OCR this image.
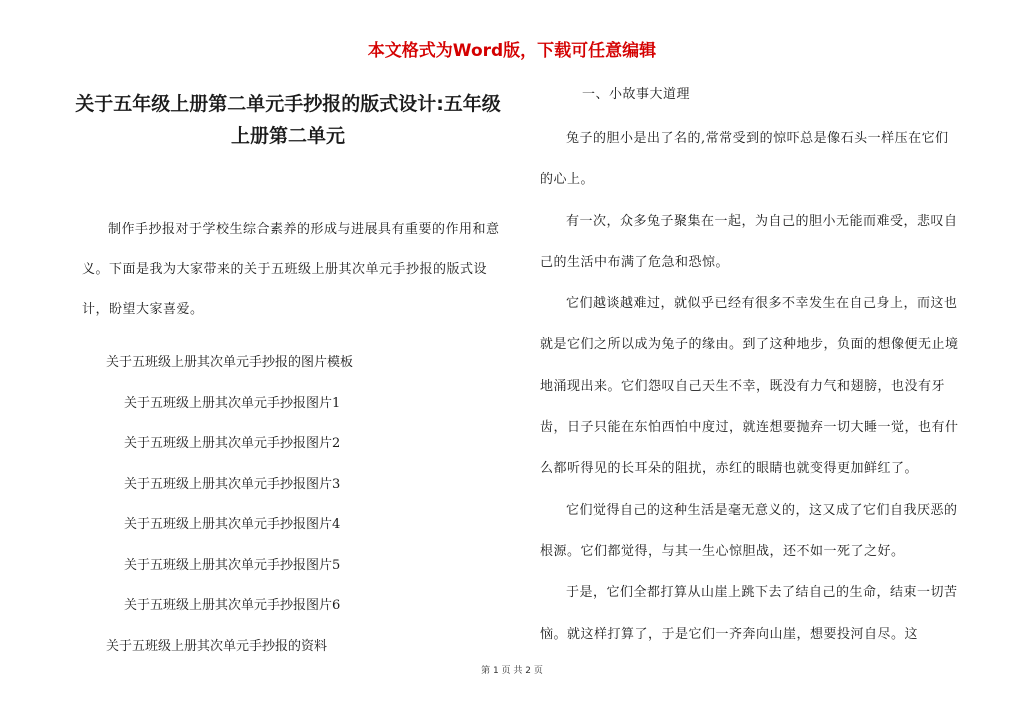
本文格式为Word版，下载可任意编辑
关于五年级上册第二单元手抄报的版式设计:五年级
上册第二单元

制作手抄报对于学校生综合素养的形成与进展具有重要的作用和意义。下面是我为大家带来的关于五班级上册其次单元手抄报的版式设计，盼望大家喜爱。

关于五班级上册其次单元手抄报的图片模板
关于五班级上册其次单元手抄报图片1
关于五班级上册其次单元手抄报图片2
关于五班级上册其次单元手抄报图片3
关于五班级上册其次单元手抄报图片4
关于五班级上册其次单元手抄报图片5
关于五班级上册其次单元手抄报图片6
关于五班级上册其次单元手抄报的资料
一、小故事大道理

兔子的胆小是出了名的,常常受到的惊吓总是像石头一样压在它们的心上。

有一次，众多兔子聚集在一起，为自己的胆小无能而难受，悲叹自己的生活中布满了危急和恐惊。

它们越谈越难过，就似乎已经有很多不幸发生在自己身上，而这也就是它们之所以成为兔子的缘由。到了这种地步，负面的想像便无止境地涌现出来。它们怨叹自己天生不幸，既没有力气和翅膀，也没有牙齿，日子只能在东怕西怕中度过，就连想要抛弃一切大睡一觉，也有什么都听得见的长耳朵的阻扰，赤红的眼睛也就变得更加鲜红了。

它们觉得自己的这种生活是毫无意义的，这又成了它们自我厌恶的根源。它们都觉得，与其一生心惊胆战，还不如一死了之好。

于是，它们全都打算从山崖上跳下去了结自己的生命，结束一切苦恼。就这样打算了，于是它们一齐奔向山崖，想要投河自尽。这

第 1 页 共 2 页
